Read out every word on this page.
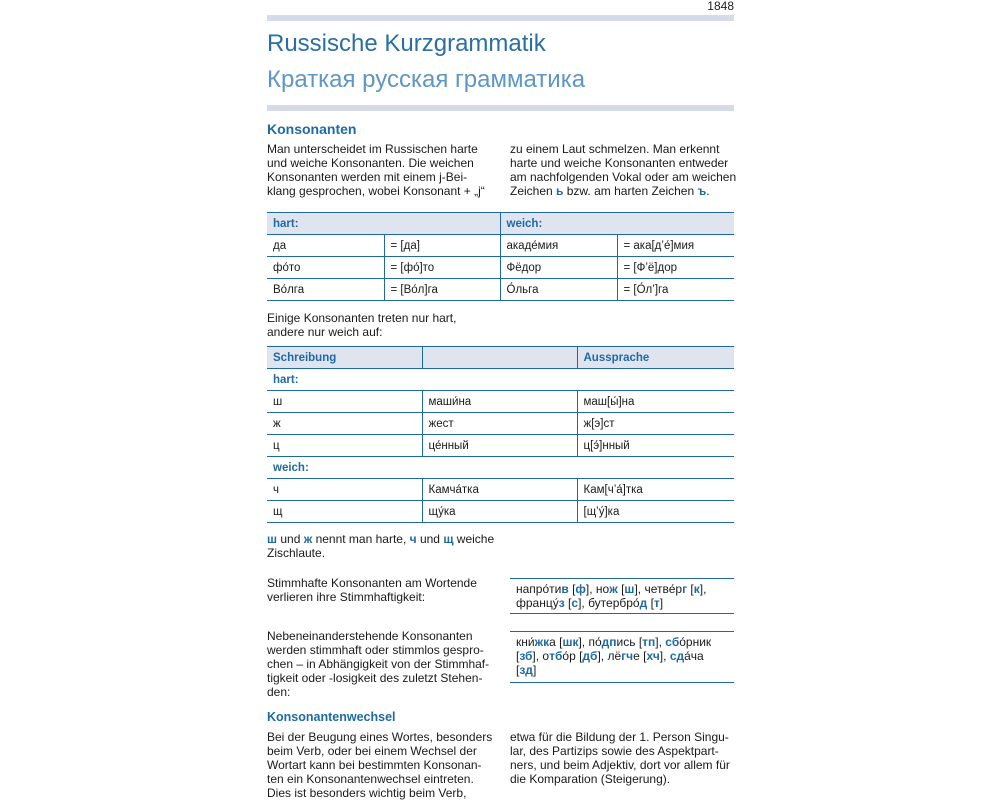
1848
Russische Kurzgrammatik
Краткая русская грамматика
Konsonanten
Man unterscheidet im Russischen harte
und weiche Konsonanten. Die weichen
Konsonanten werden mit einem j-Bei-
klang gesprochen, wobei Konsonant + „j“
zu einem Laut schmelzen. Man erkennt
harte und weiche Konsonanten entweder
am nachfolgenden Vokal oder am weichen
Zeichen ь bzw. am harten Zeichen ъ.
hart:		weich:	
да	= [да]	акаде́мия	= ака[д’е́]мия
фо́то	= [фо́]то	Фёдор	= [Ф’ё]дор
Во́лга	= [Во́л]га	О́льга	= [О́л’]га
Einige Konsonanten treten nur hart,
andere nur weich auf:
Schreibung		Aussprache
hart:		
ш	маши́на	маш[ы́]на
ж	жест	ж[э]ст
ц	це́нный	ц[э́]нный
weich:		
ч	Камча́тка	Кам[ч’а́]тка
щ	щу́ка	[щ’у́]ка
ш und ж nennt man harte, ч und щ weiche
Zischlaute.
Stimmhafte Konsonanten am Wortende
verlieren ihre Stimmhaftigkeit:
напро́тив [ф], нож [ш], четве́рг [к],
францу́з [с], бутербро́д [т]
Nebeneinanderstehende Konsonanten
werden stimmhaft oder stimmlos gespro-
chen – in Abhängigkeit von der Stimmhaf-
tigkeit oder -losigkeit des zuletzt Stehen-
den:
кни́жка [шк], по́дпись [тп], сбо́рник
[зб], отбо́р [дб], лёгче [хч], сда́ча
[зд]
Konsonantenwechsel
Bei der Beugung eines Wortes, besonders
beim Verb, oder bei einem Wechsel der
Wortart kann bei bestimmten Konsonan-
ten ein Konsonantenwechsel eintreten.
Dies ist besonders wichtig beim Verb,
etwa für die Bildung der 1. Person Singu-
lar, des Partizips sowie des Aspektpart-
ners, und beim Adjektiv, dort vor allem für
die Komparation (Steigerung).
